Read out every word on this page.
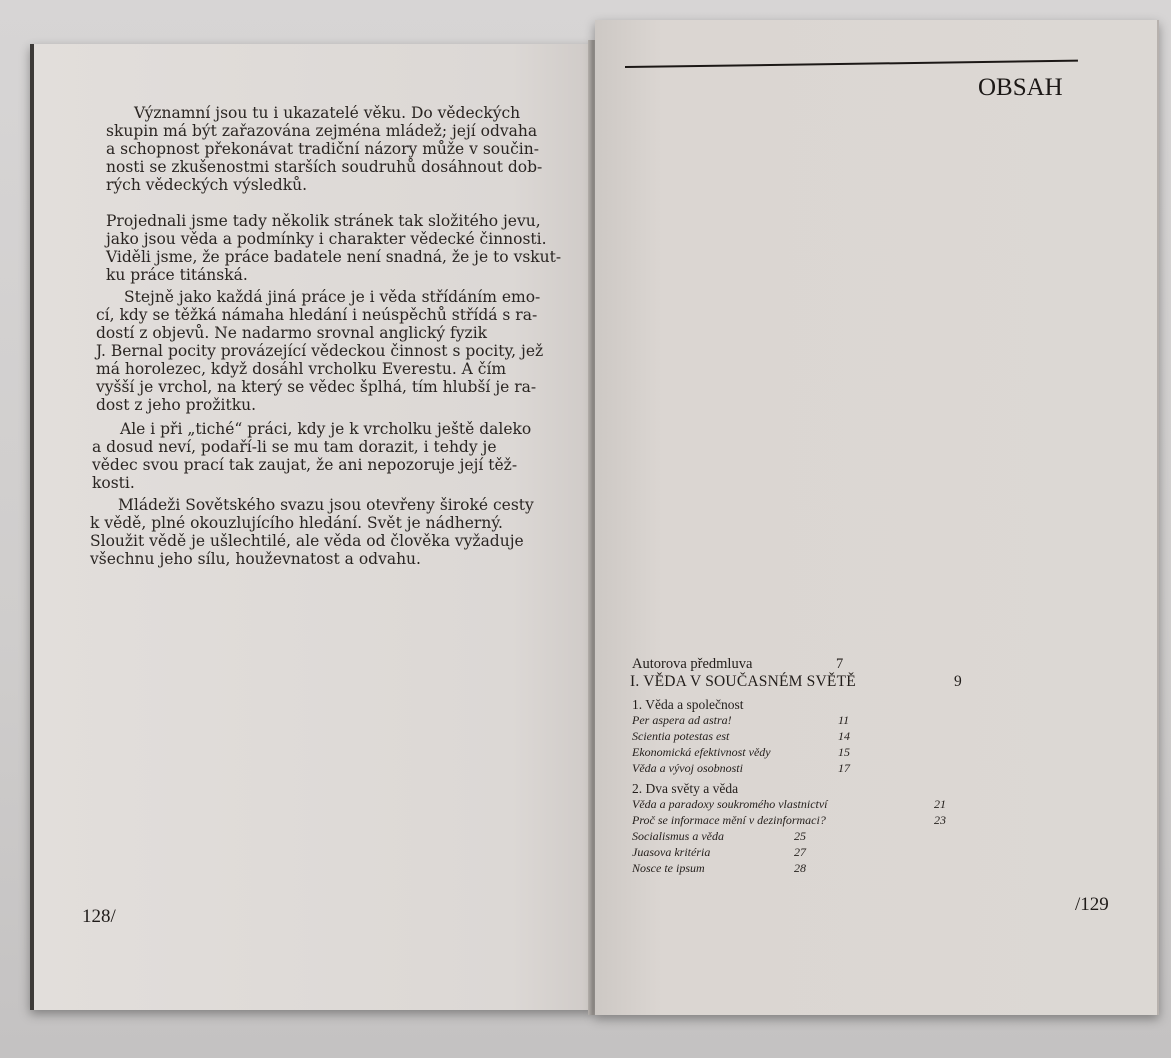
Významní jsou tu i ukazatelé věku. Do vědeckých
skupin má být zařazována zejména mládež; její odvaha
a schopnost překonávat tradiční názory může v součin-
nosti se zkušenostmi starších soudruhů dosáhnout dob-
rých vědeckých výsledků.
Projednali jsme tady několik stránek tak složitého jevu,
jako jsou věda a podmínky i charakter vědecké činnosti.
Viděli jsme, že práce badatele není snadná, že je to vskut-
ku práce titánská.
Stejně jako každá jiná práce je i věda střídáním emo-
cí, kdy se těžká námaha hledání i neúspěchů střídá s ra-
dostí z objevů. Ne nadarmo srovnal anglický fyzik
J. Bernal pocity provázející vědeckou činnost s pocity, jež
má horolezec, když dosáhl vrcholku Everestu. A čím
vyšší je vrchol, na který se vědec šplhá, tím hlubší je ra-
dost z jeho prožitku.
Ale i při „tiché“ práci, kdy je k vrcholku ještě daleko
a dosud neví, podaří-li se mu tam dorazit, i tehdy je
vědec svou prací tak zaujat, že ani nepozoruje její těž-
kosti.
Mládeži Sovětského svazu jsou otevřeny široké cesty
k vědě, plné okouzlujícího hledání. Svět je nádherný.
Sloužit vědě je ušlechtilé, ale věda od člověka vyžaduje
všechnu jeho sílu, houževnatost a odvahu.
128/
/129
OBSAH
Autorova předmluva	7
I. VĚDA V SOUČASNÉM SVĚTĚ	9
1. Věda a společnost
Per aspera ad astra!	11
Scientia potestas est	14
Ekonomická efektivnost vědy	15
Věda a vývoj osobnosti	17
2. Dva světy a věda
Věda a paradoxy soukromého vlastnictví	21
Proč se informace mění v dezinformaci?	23
Socialismus a věda	25
Juasova kritéria	27
Nosce te ipsum	28
